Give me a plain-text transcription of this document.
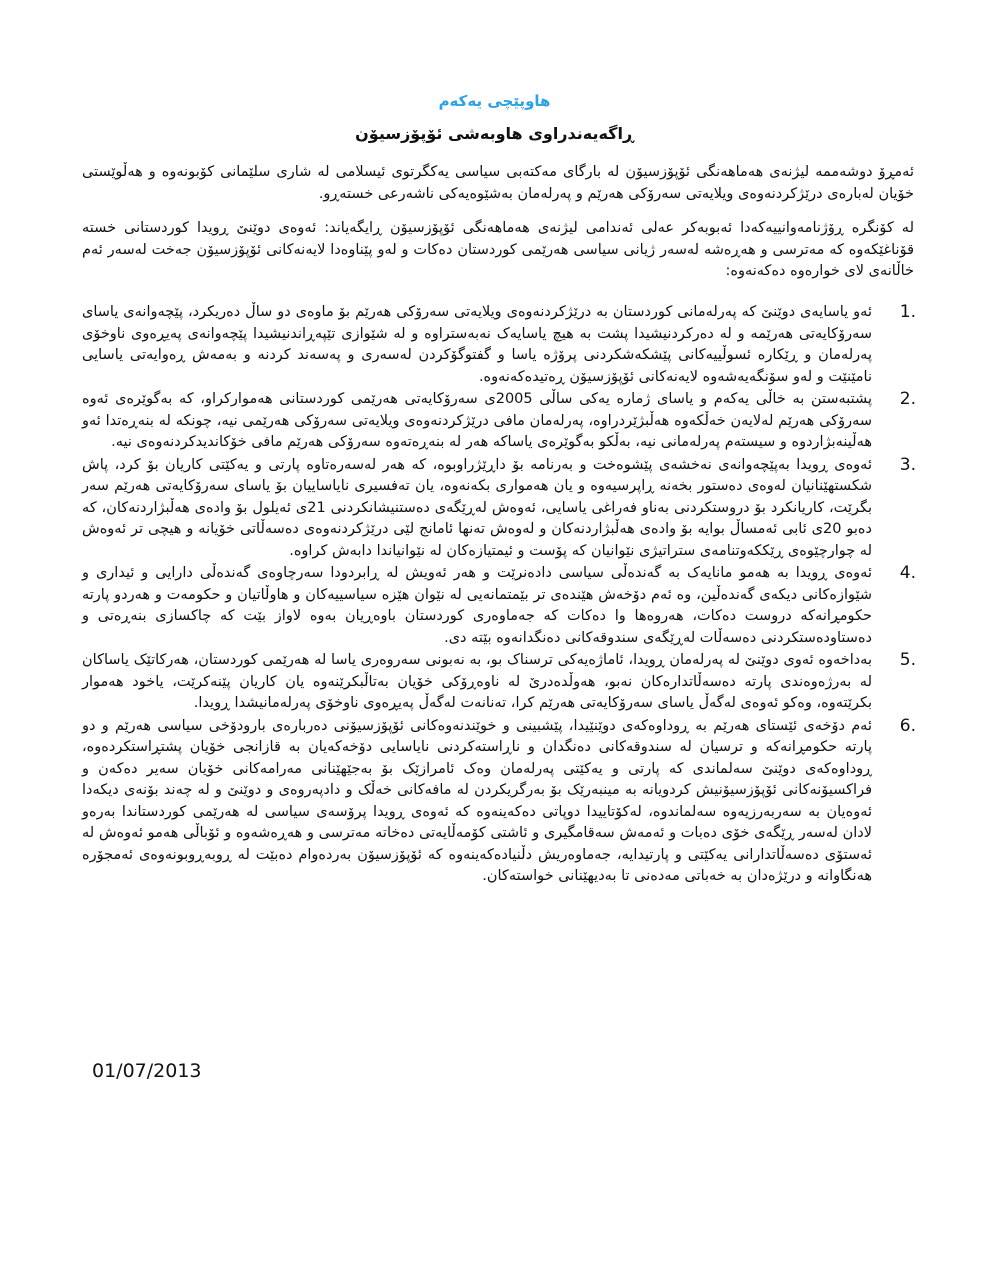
هاوپێچی یەکەم
ڕاگەیەندراوی هاوبەشی ئۆپۆزسیۆن

ئەمڕۆ دوشەممە لیژنەی هەماهەنگی ئۆپۆزسیۆن لە بارگای مەکتەبی سیاسی یەکگرتوی ئیسلامی لە شاری سلێمانی کۆبونەوە و هەڵوێستی خۆیان لەبارەی درێژکردنەوەی ویلایەتی سەرۆکی هەرێم و پەرلەمان بەشێوەیەکی ناشەرعی خستەڕو.

لە کۆنگرە ڕۆژنامەوانییەکەدا ئەبوبەکر عەلی ئەندامی لیژنەی هەماهەنگی ئۆپۆزسیۆن ڕایگەیاند: ئەوەی دوێنێ ڕویدا کوردستانی خستە قۆناغێکەوە کە مەترسی و هەڕەشە لەسەر ژیانی سیاسی هەرێمی کوردستان دەکات و لەو پێناوەدا لایەنەکانی ئۆپۆزسیۆن جەخت لەسەر ئەم خاڵانەی لای خوارەوە دەکەنەوە:

1.
ئەو یاسایەی دوێنێ کە پەرلەمانی کوردستان بە درێژکردنەوەی ویلایەتی سەرۆکی هەرێم بۆ ماوەی دو ساڵ دەریکرد، پێچەوانەی یاسای سەرۆکایەتی هەرێمە و لە دەرکردنیشیدا پشت بە هیچ یاسایەک نەبەستراوە و لە شێوازی تێپەڕاندنیشیدا پێچەوانەی پەیڕەوی ناوخۆی پەرلەمان و ڕێکارە ئسوڵییەکانی پێشکەشکردنی پرۆژە یاسا و گفتوگۆکردن لەسەری و پەسەند کردنە و بەمەش ڕەوایەتی یاسایی نامێنێت و لەو سۆنگەیەشەوە لایەنەکانی ئۆپۆزسیۆن ڕەتیدەکەنەوە.
2.
پشتبەستن بە خاڵی یەکەم و یاسای ژمارە یەکی ساڵی 2005ی سەرۆکایەتی هەرێمی کوردستانی هەموارکراو، کە بەگوێرەی ئەوە سەرۆکی هەرێم لەلایەن خەڵکەوە هەڵبژێردراوە، پەرلەمان مافی درێژکردنەوەی ویلایەتی سەرۆکی هەرێمی نیە، چونکە لە بنەڕەتدا ئەو هەڵینەبژاردوە و سیستەم پەرلەمانی نیە، بەڵکو بەگوێرەی یاساکە هەر لە بنەڕەتەوە سەرۆکی هەرێم مافی خۆکاندیدکردنەوەی نیە.
3.
ئەوەی ڕویدا بەپێچەوانەی نەخشەی پێشوەخت و بەرنامە بۆ داڕێژراوبوە، کە هەر لەسەرەتاوە پارتی و یەکێتی کاریان بۆ کرد، پاش شکستهێنانیان لەوەی دەستور بخەنە ڕاپرسیەوە و یان هەمواری بکەنەوە، یان تەفسیری نایاساییان بۆ یاسای سەرۆکایەتی هەرێم سەر بگرێت، کاریانکرد بۆ دروستکردنی بەناو فەراغی یاسایی، ئەوەش لەڕێگەی دەستنیشانکردنی 21ی ئەیلول بۆ وادەی هەڵبژاردنەکان، کە دەبو 20ی ئابی ئەمساڵ بوایە بۆ وادەی هەڵبژاردنەکان و لەوەش تەنها ئامانج لێی درێژکردنەوەی دەسەڵاتی خۆیانە و هیچی تر ئەوەش لە چوارچێوەی ڕێککەوتنامەی ستراتیژی نێوانیان کە پۆست و ئیمتیازەکان لە نێوانیاندا دابەش کراوە.
4.
ئەوەی ڕویدا بە هەمو مانایەک بە گەندەڵی سیاسی دادەنرێت و هەر ئەویش لە ڕابردودا سەرچاوەی گەندەڵی دارایی و ئیداری و شێوازەکانی دیکەی گەندەڵین، وە ئەم دۆخەش هێندەی تر بێمتمانەیی لە نێوان هێزە سیاسییەکان و هاوڵاتیان و حکومەت و هەردو پارتە حکومڕانەکە دروست دەکات، هەروەها وا دەکات کە جەماوەری کوردستان باوەڕیان بەوە لاواز بێت کە چاکسازی بنەڕەتی و دەستاودەستکردنی دەسەڵات لەڕێگەی سندوقەکانی دەنگدانەوە بێتە دی.
5.
بەداخەوە ئەوی دوێنێ لە پەرلەمان ڕویدا، ئاماژەیەکی ترسناک بو، بە نەبونی سەروەری یاسا لە هەرێمی کوردستان، هەرکاتێک یاساکان لە بەرژەوەندی پارتە دەسەڵاتدارەکان نەبو، هەوڵدەدرێ لە ناوەڕۆکی خۆیان بەتاڵبکرێنەوە یان کاریان پێنەکرێت، یاخود هەموار بکرێتەوە، وەکو ئەوەی لەگەڵ یاسای سەرۆکایەتی هەرێم کرا، تەنانەت لەگەڵ پەیڕەوی ناوخۆی پەرلەمانیشدا ڕویدا.
6.
ئەم دۆخەی ئێستای هەرێم بە ڕوداوەکەی دوێنێیدا، پێشبینی و خوێندنەوەکانی ئۆپۆزسیۆنی دەربارەی بارودۆخی سیاسی هەرێم و دو پارتە حکومڕانەکە و ترسیان لە سندوقەکانی دەنگدان و ناڕاستەکردنی نایاسایی دۆخەکەیان بە قازانجی خۆیان پشتڕاستکردەوە، ڕوداوەکەی دوێنێ سەلماندی کە پارتی و یەکێتی پەرلەمان وەک ئامرازێک بۆ بەجێهێنانی مەرامەکانی خۆیان سەیر دەکەن و فراکسیۆنەکانی ئۆپۆزسیۆنیش کردویانە بە مینبەرێک بۆ بەرگریکردن لە مافەکانی خەڵک و دادپەروەی و دوێنێ و لە چەند بۆنەی دیکەدا ئەوەیان بە سەربەرزیەوە سەلماندوە، لەکۆتاییدا دوپاتی دەکەینەوە کە ئەوەی ڕویدا پرۆسەی سیاسی لە هەرێمی کوردستاندا بەرەو لادان لەسەر ڕێگەی خۆی دەبات و ئەمەش سەقامگیری و ئاشتی کۆمەڵایەتی دەخاتە مەترسی و هەڕەشەوە و ئۆباڵی هەمو ئەوەش لە ئەستۆی دەسەڵاتدارانی یەکێتی و پارتیدایە، جەماوەریش دڵنیادەکەینەوە کە ئۆپۆزسیۆن بەردەوام دەبێت لە ڕوبەڕوبونەوەی ئەمجۆرە هەنگاوانە و درێژەدان بە خەباتی مەدەنی تا بەدیهێنانی خواستەکان.
01/07/2013
